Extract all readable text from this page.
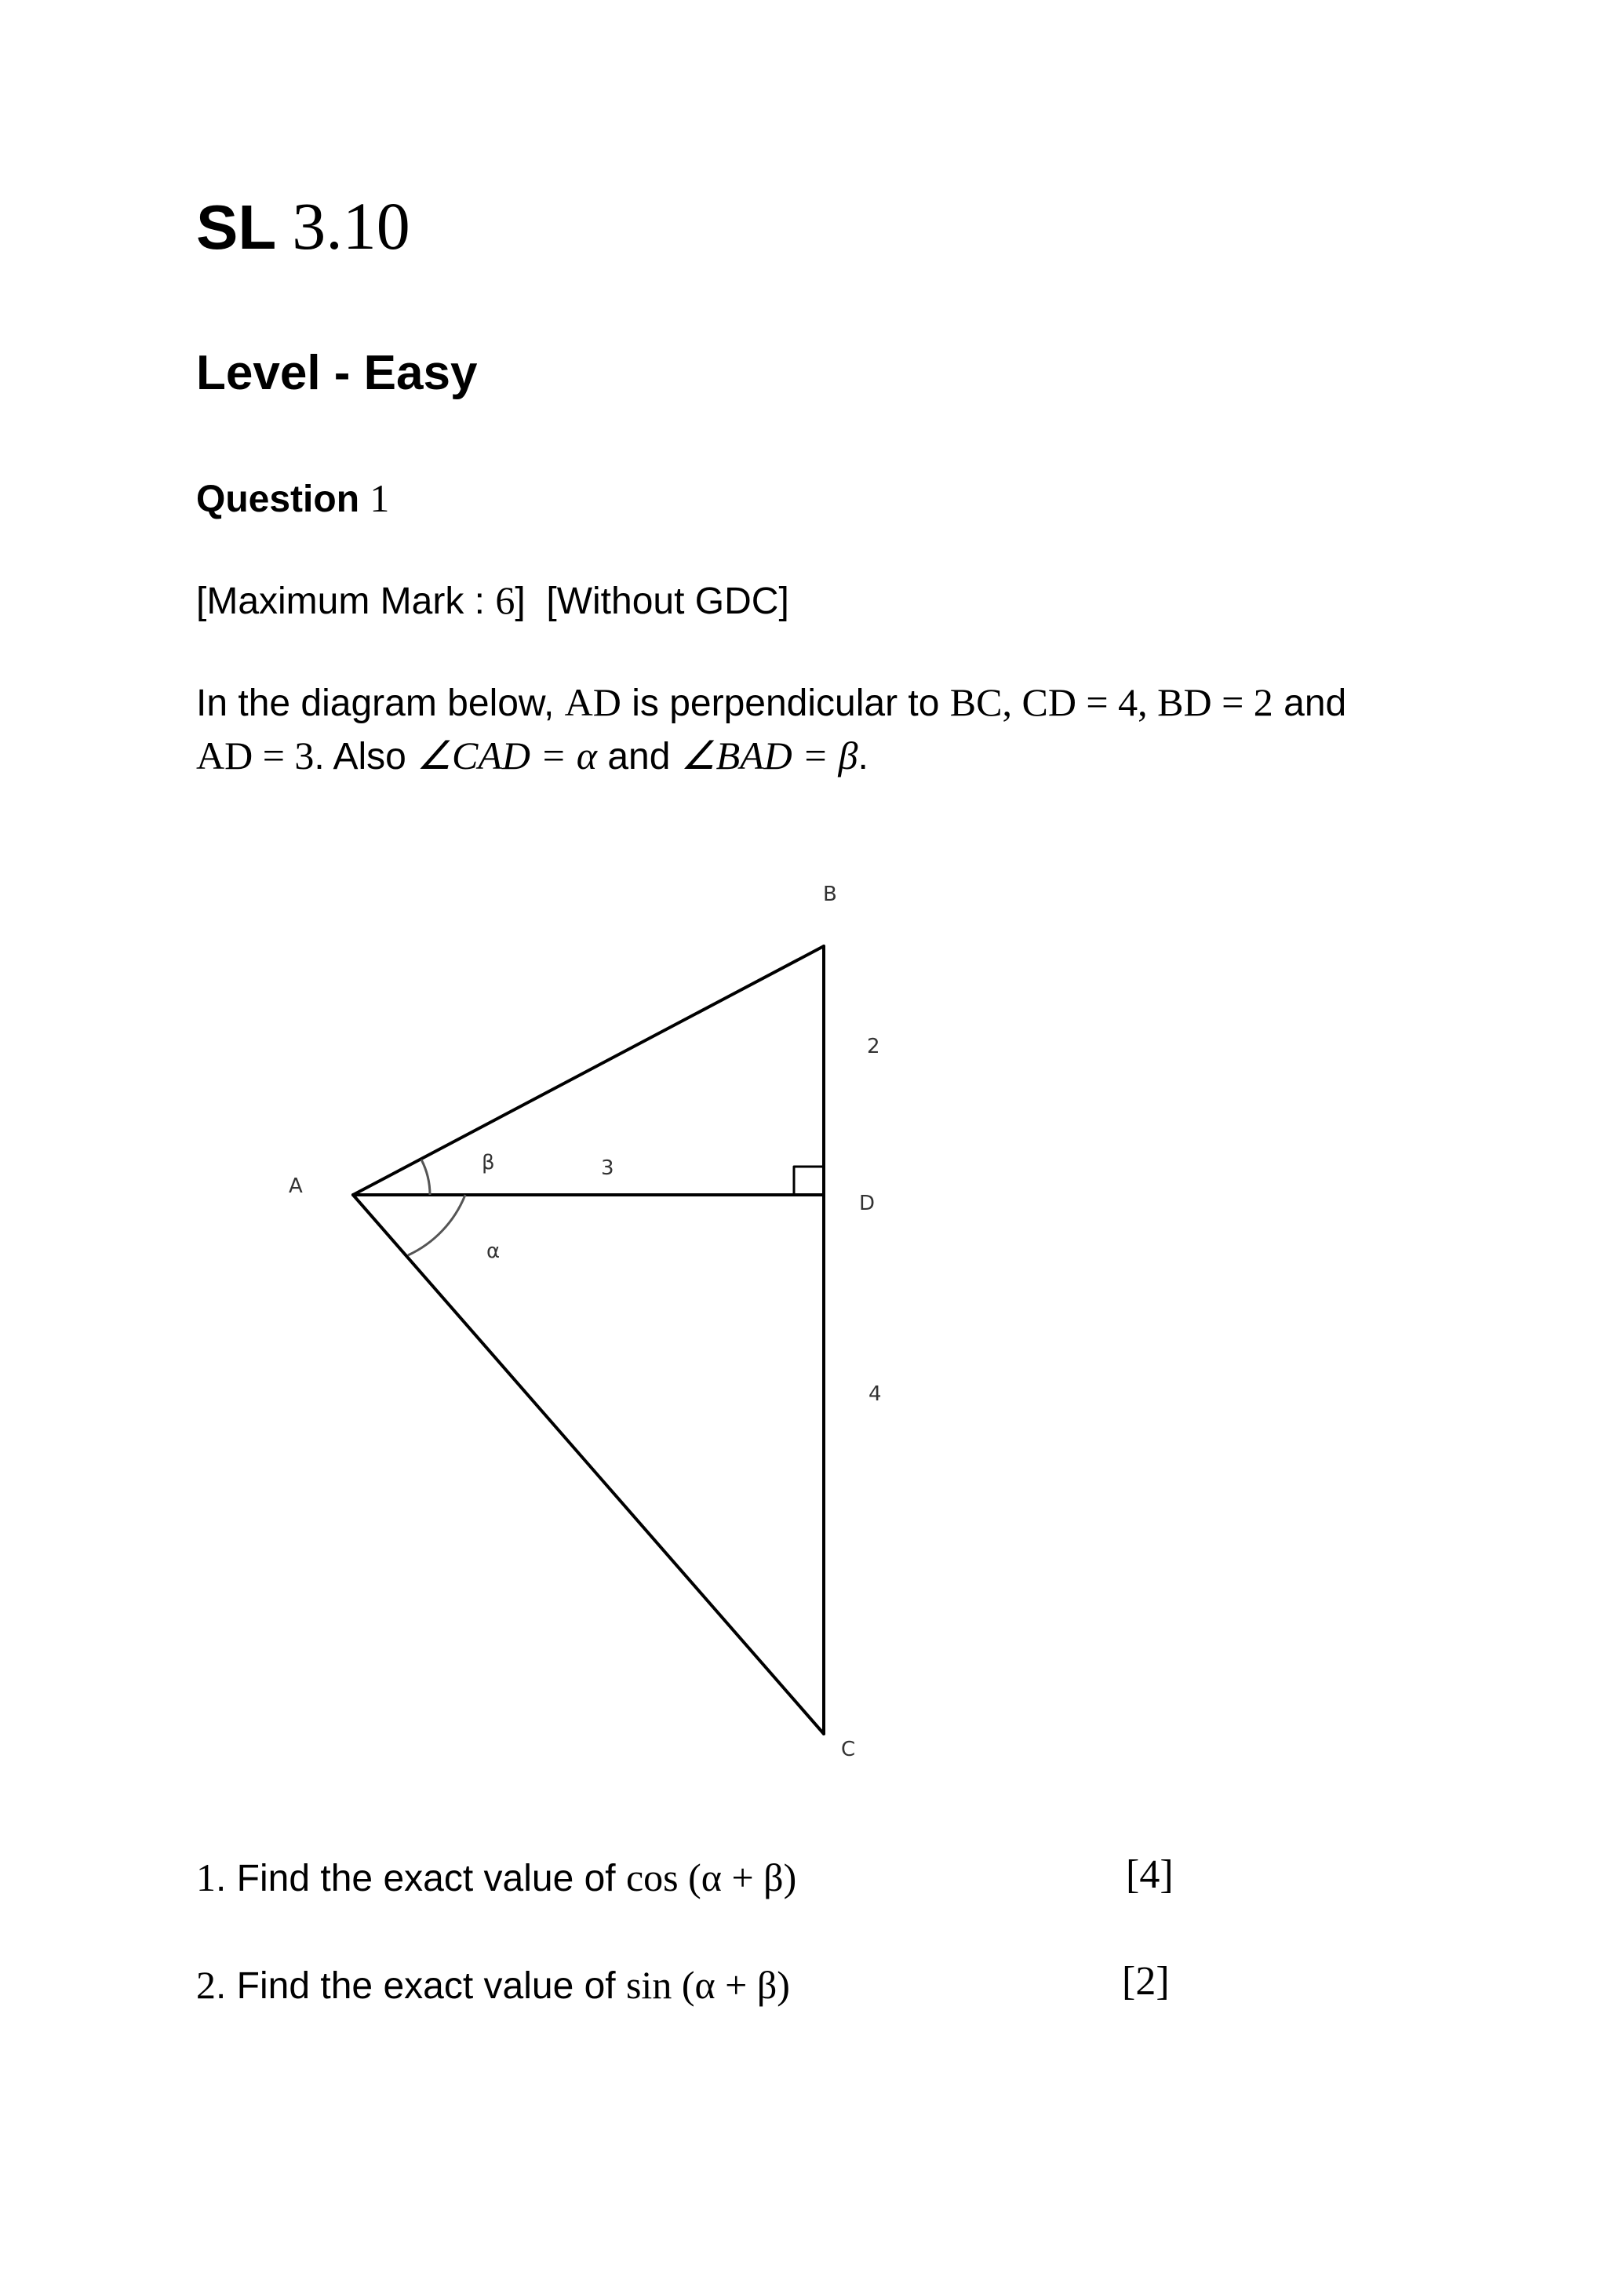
SL 3.10
Level - Easy
Question 1
[Maximum Mark : 6] [Without GDC]
In the diagram below, AD is perpendicular to BC, CD = 4, BD = 2 and
AD = 3. Also ∠CAD = α and ∠BAD = β.
A
B
C
D
β
α
3
2
4
1. Find the exact value of cos (α + β)	[4]
2. Find the exact value of sin (α + β)	[2]
